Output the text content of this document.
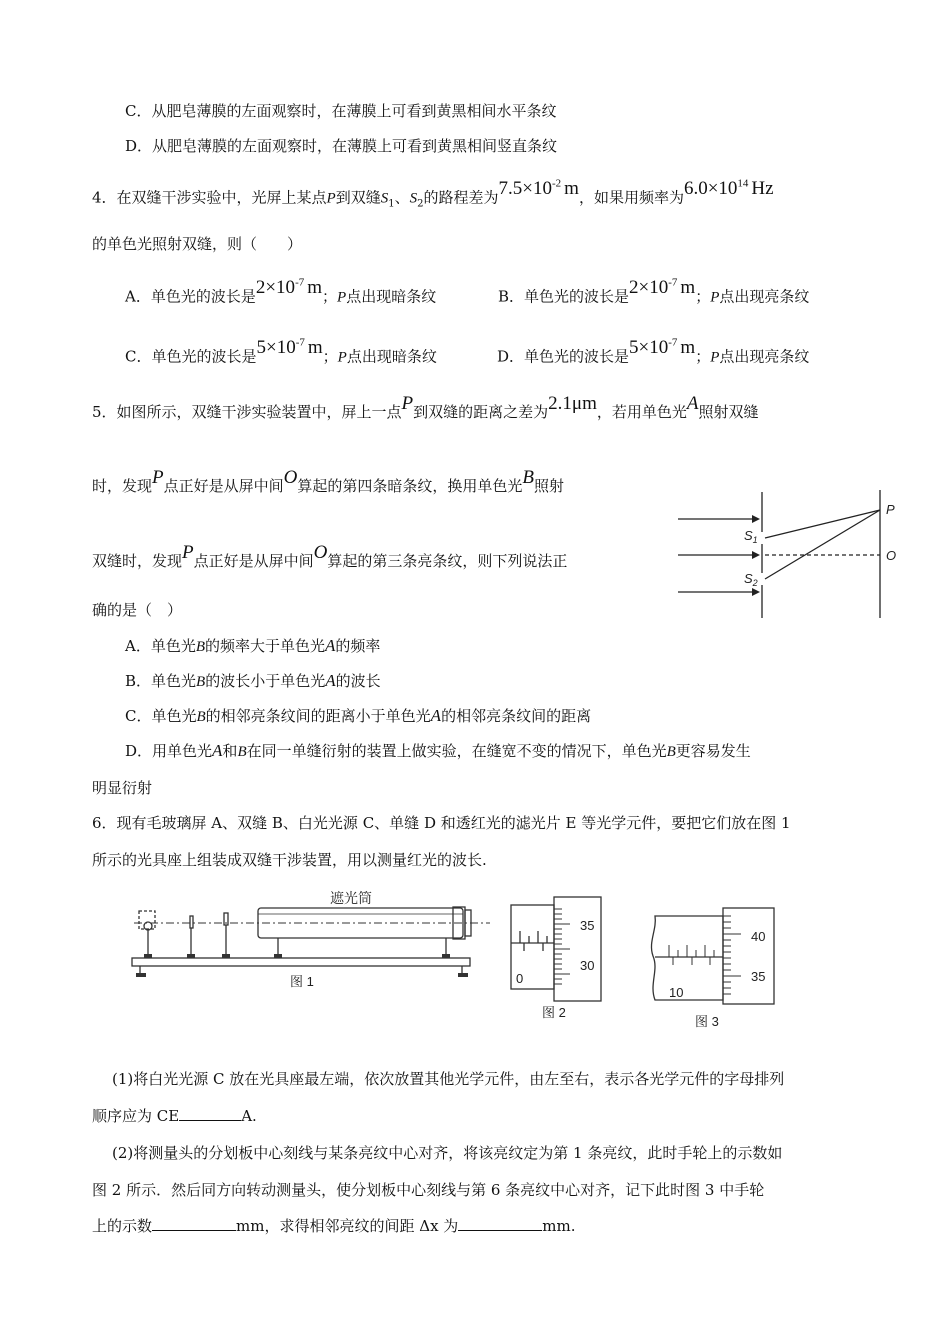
C．从肥皂薄膜的左面观察时，在薄膜上可看到黄黑相间水平条纹
D．从肥皂薄膜的左面观察时，在薄膜上可看到黄黑相间竖直条纹
4．在双缝干涉实验中，光屏上某点P到双缝$S_1$、$S_2$的路程差为$7.5\times 10^{-2}$ m，如果用频率为$6.0\times 10^{14}$ Hz
的单色光照射双缝，则（　　）
A．单色光的波长是$2\times 10^{-7}$ m；P点出现暗条纹	B．单色光的波长是$2\times 10^{-7}$ m；P点出现亮条纹
C．单色光的波长是$5\times 10^{-7}$ m；P点出现暗条纹	D．单色光的波长是$5\times 10^{-7}$ m；P点出现亮条纹
5．如图所示，双缝干涉实验装置中，屏上一点P到双缝的距离之差为2.1μm，若用单色光A照射双缝
时，发现P点正好是从屏中间O算起的第四条暗条纹，换用单色光B照射
双缝时，发现P点正好是从屏中间O算起的第三条亮条纹，则下列说法正
确的是（　）
A．单色光B的频率大于单色光A的频率
B．单色光B的波长小于单色光A的波长
C．单色光B的相邻亮条纹间的距离小于单色光A的相邻亮条纹间的距离
D．用单色光A和B在同一单缝衍射的装置上做实验，在缝宽不变的情况下，单色光B更容易发生
明显衍射
$S_1$
$S_2$
P
O
6．现有毛玻璃屏 A、双缝 B、白光光源 C、单缝 D 和透红光的滤光片 E 等光学元件，要把它们放在图 1
所示的光具座上组装成双缝干涉装置，用以测量红光的波长.
遮光筒
图 1
35
30
0
图 2
40
35
10
图 3
(1)将白光光源 C 放在光具座最左端，依次放置其他光学元件，由左至右，表示各光学元件的字母排列
顺序应为 CE	A.
(2)将测量头的分划板中心刻线与某条亮纹中心对齐，将该亮纹定为第 1 条亮纹，此时手轮上的示数如
图 2 所示．然后同方向转动测量头，使分划板中心刻线与第 6 条亮纹中心对齐，记下此时图 3 中手轮
上的示数	mm，求得相邻亮纹的间距 Δx 为	mm.
